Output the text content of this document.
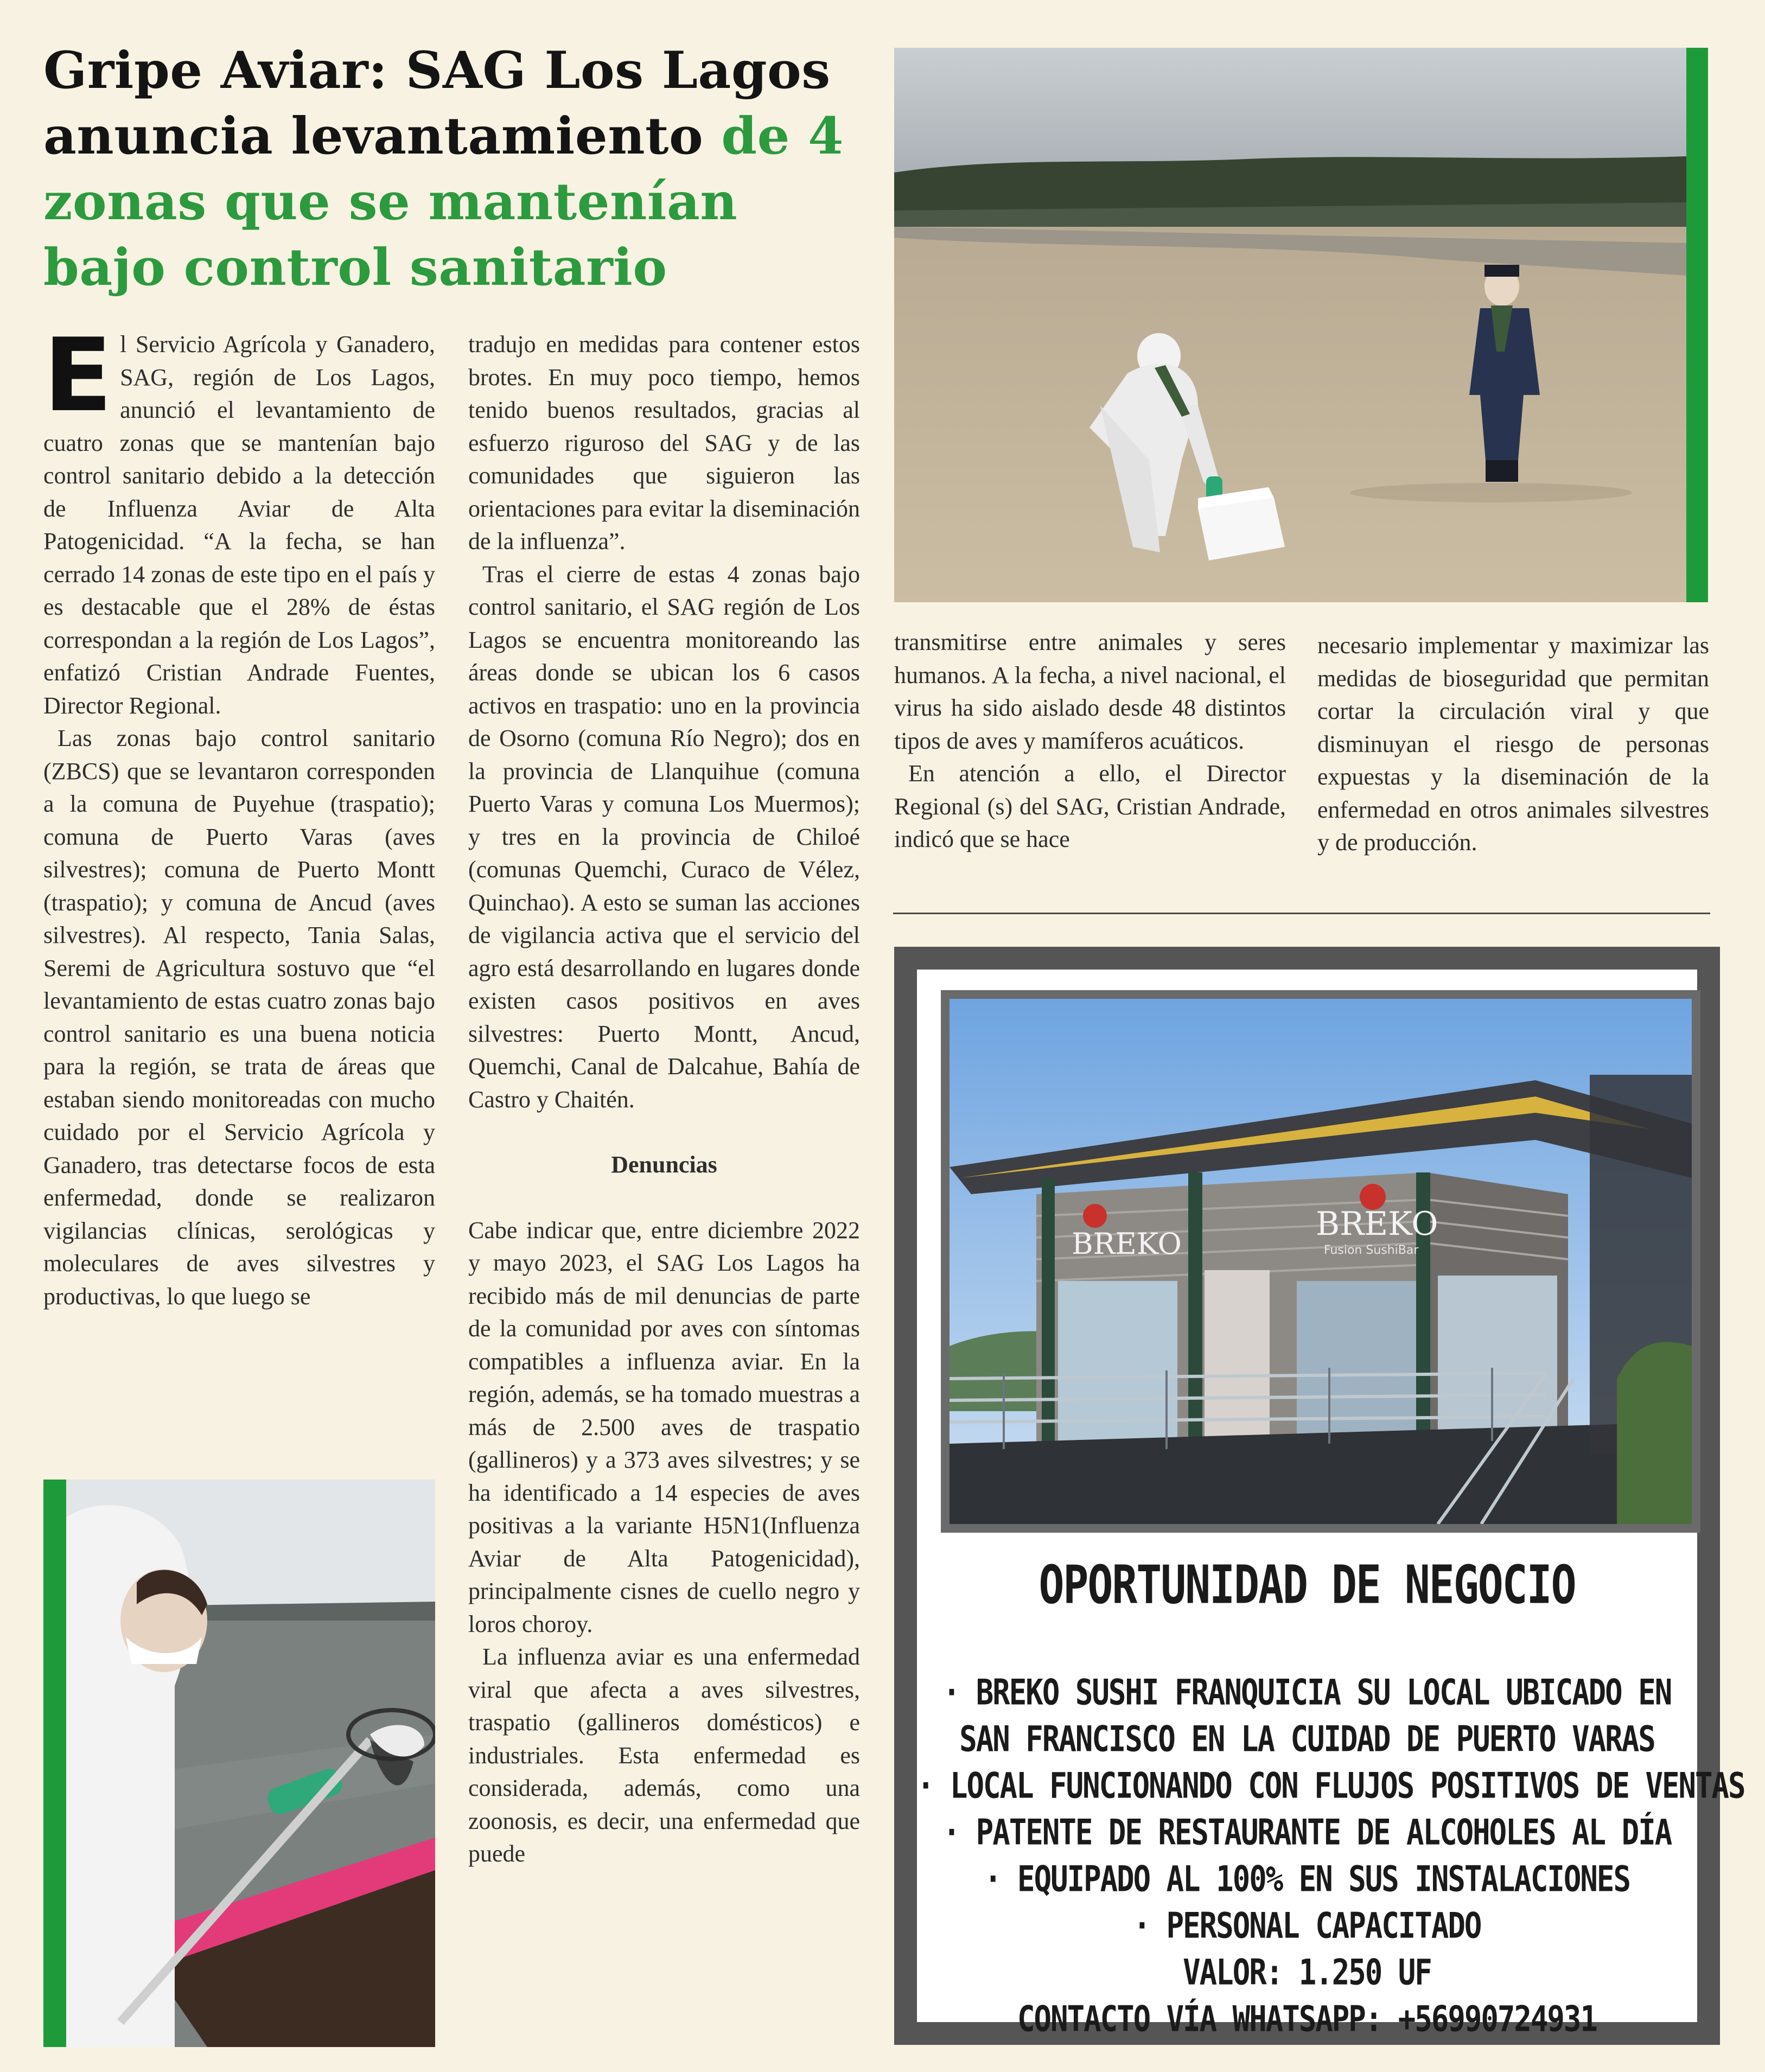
Gripe Aviar: SAG Los Lagos anuncia levantamiento de 4 zonas que se mantenían bajo control sanitario

El Servicio Agrícola y Ganadero, SAG, región de Los Lagos, anunció el levantamiento de cuatro zonas que se mantenían bajo control sanitario debido a la detección de Influenza Aviar de Alta Patogenicidad. “A la fecha, se han cerrado 14 zonas de este tipo en el país y es destacable que el 28% de éstas correspondan a la región de Los Lagos”, enfatizó Cristian Andrade Fuentes, Director Regional.

Las zonas bajo control sanitario (ZBCS) que se levantaron corresponden a la comuna de Puyehue (traspatio); comuna de Puerto Varas (aves silvestres); comuna de Puerto Montt (traspatio); y comuna de Ancud (aves silvestres). Al respecto, Tania Salas, Seremi de Agricultura sostuvo que “el levantamiento de estas cuatro zonas bajo control sanitario es una buena noticia para la región, se trata de áreas que estaban siendo monitoreadas con mucho cuidado por el Servicio Agrícola y Ganadero, tras detectarse focos de esta enfermedad, donde se realizaron vigilancias clínicas, serológicas y moleculares de aves silvestres y productivas, lo que luego se

tradujo en medidas para contener estos brotes. En muy poco tiempo, hemos tenido buenos resultados, gracias al esfuerzo riguroso del SAG y de las comunidades que siguieron las orientaciones para evitar la diseminación de la influenza”.

Tras el cierre de estas 4 zonas bajo control sanitario, el SAG región de Los Lagos se encuentra monitoreando las áreas donde se ubican los 6 casos activos en traspatio: uno en la provincia de Osorno (comuna Río Negro); dos en la provincia de Llanquihue (comuna Puerto Varas y comuna Los Muermos); y tres en la provincia de Chiloé (comunas Quemchi, Curaco de Vélez, Quinchao). A esto se suman las acciones de vigilancia activa que el servicio del agro está desarrollando en lugares donde existen casos positivos en aves silvestres: Puerto Montt, Ancud, Quemchi, Canal de Dalcahue, Bahía de Castro y Chaitén.

Denuncias

Cabe indicar que, entre diciembre 2022 y mayo 2023, el SAG Los Lagos ha recibido más de mil denuncias de parte de la comunidad por aves con síntomas compatibles a influenza aviar. En la región, además, se ha tomado muestras a más de 2.500 aves de traspatio (gallineros) y a 373 aves silvestres; y se ha identificado a 14 especies de aves positivas a la variante H5N1(Influenza Aviar de Alta Patogenicidad), principalmente cisnes de cuello negro y loros choroy.

La influenza aviar es una enfermedad viral que afecta a aves silvestres, traspatio (gallineros domésticos) e industriales. Esta enfermedad es considerada, además, como una zoonosis, es decir, una enfermedad que puede

transmitirse entre animales y seres humanos. A la fecha, a nivel nacional, el virus ha sido aislado desde 48 distintos tipos de aves y mamíferos acuáticos.

En atención a ello, el Director Regional (s) del SAG, Cristian Andrade, indicó que se hace

necesario implementar y maximizar las medidas de bioseguridad que permitan cortar la circulación viral y que disminuyan el riesgo de personas expuestas y la diseminación de la enfermedad en otros animales silvestres y de producción.

BREKO
BREKO
Fusion SushiBar
OPORTUNIDAD DE NEGOCIO
· BREKO SUSHI FRANQUICIA SU LOCAL UBICADO EN
SAN FRANCISCO EN LA CUIDAD DE PUERTO VARAS
· LOCAL FUNCIONANDO CON FLUJOS POSITIVOS DE VENTAS
· PATENTE DE RESTAURANTE DE ALCOHOLES AL DÍA
· EQUIPADO AL 100% EN SUS INSTALACIONES
· PERSONAL CAPACITADO
VALOR: 1.250 UF
CONTACTO VÍA WHATSAPP: +56990724931
